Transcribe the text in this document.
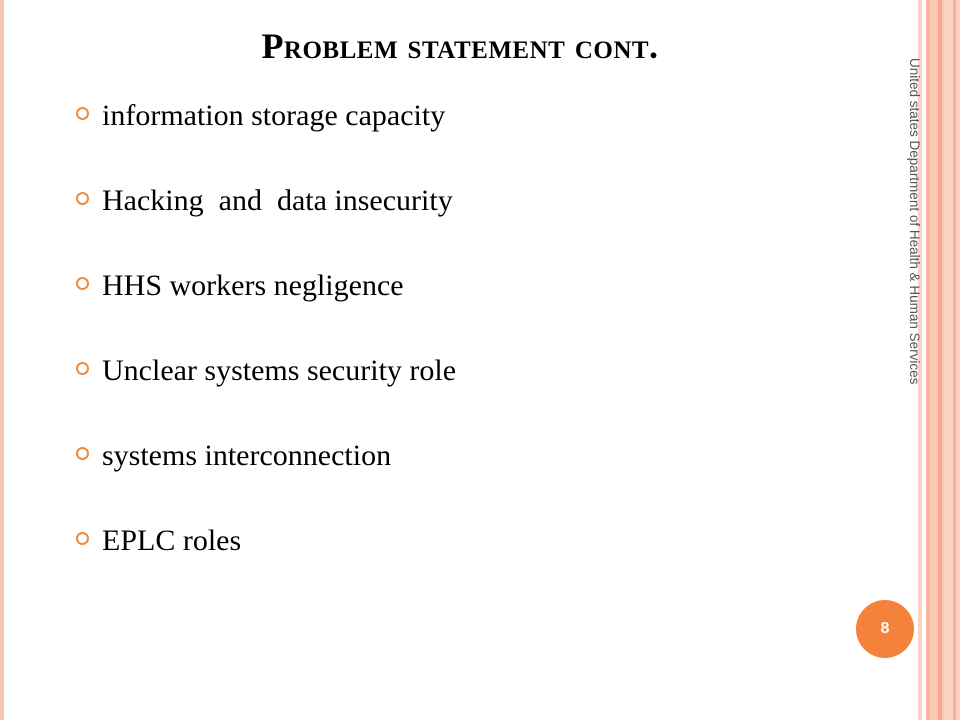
Problem statement cont.
information storage capacity
Hacking  and  data insecurity
HHS workers negligence
Unclear systems security role
systems interconnection
EPLC roles
United states Department of Health & Human Services
8
